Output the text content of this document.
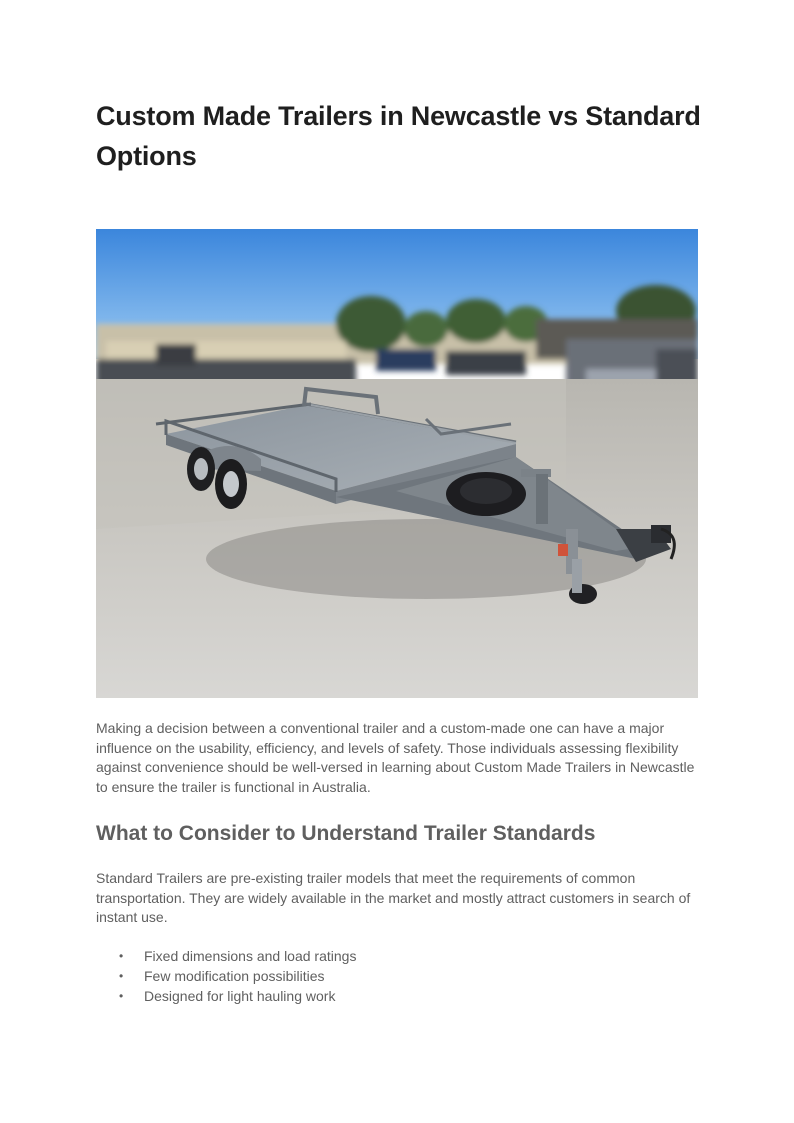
Custom Made Trailers in Newcastle vs Standard Options

Making a decision between a conventional trailer and a custom-made one can have a major influence on the usability, efficiency, and levels of safety. Those individuals assessing flexibility against convenience should be well-versed in learning about Custom Made Trailers in Newcastle to ensure the trailer is functional in Australia.

What to Consider to Understand Trailer Standards

Standard Trailers are pre-existing trailer models that meet the requirements of common transportation. They are widely available in the market and mostly attract customers in search of instant use.

• Fixed dimensions and load ratings
• Few modification possibilities
• Designed for light hauling work
